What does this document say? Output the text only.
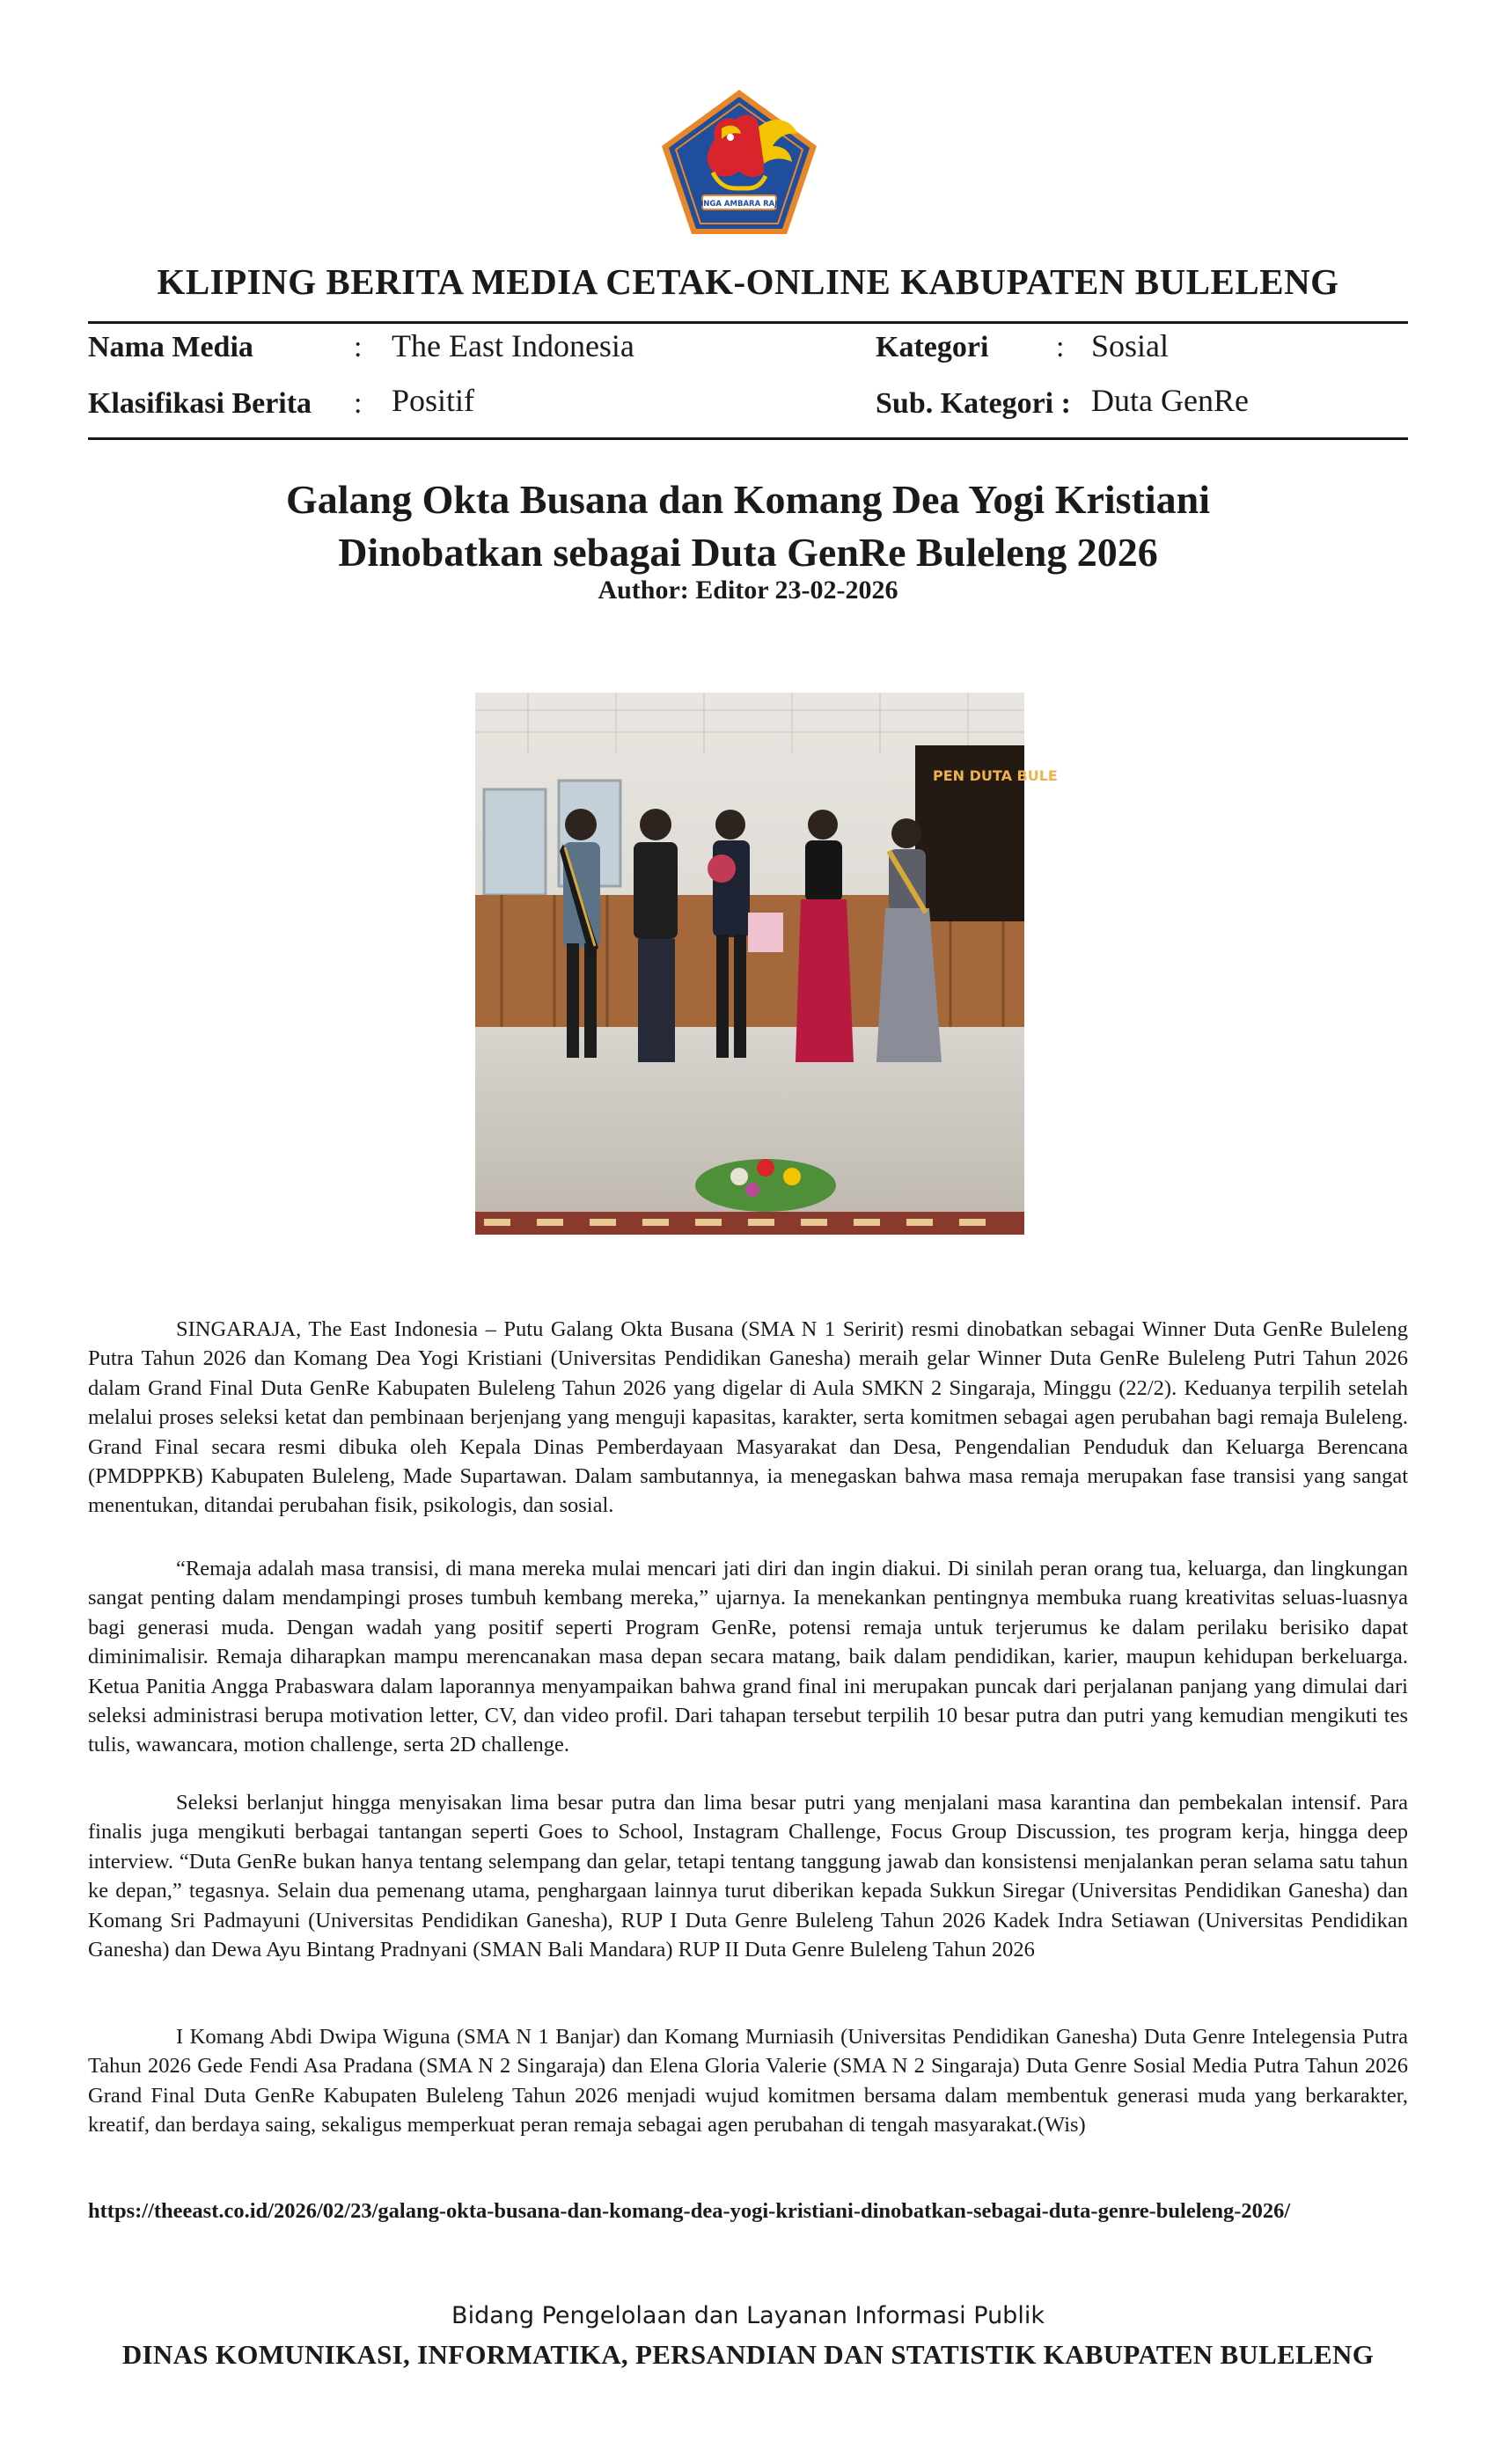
SINGA AMBARA RAJA
KLIPING BERITA MEDIA CETAK-ONLINE KABUPATEN BULELENG
Nama Media	: The East Indonesia	Kategori : Sosial
Klasifikasi Berita : Positif	Sub. Kategori : Duta GenRe
Galang Okta Busana dan Komang Dea Yogi Kristiani
Dinobatkan sebagai Duta GenRe Buleleng 2026
Author: Editor 23-02-2026
PEN DUTA BULE
SINGARAJA, The East Indonesia – Putu Galang Okta Busana (SMA N 1 Seririt) resmi dinobatkan sebagai Winner Duta GenRe Buleleng Putra Tahun 2026 dan Komang Dea Yogi Kristiani (Universitas Pendidikan Ganesha) meraih gelar Winner Duta GenRe Buleleng Putri Tahun 2026 dalam Grand Final Duta GenRe Kabupaten Buleleng Tahun 2026 yang digelar di Aula SMKN 2 Singaraja, Minggu (22/2). Keduanya terpilih setelah melalui proses seleksi ketat dan pembinaan berjenjang yang menguji kapasitas, karakter, serta komitmen sebagai agen perubahan bagi remaja Buleleng. Grand Final secara resmi dibuka oleh Kepala Dinas Pemberdayaan Masyarakat dan Desa, Pengendalian Penduduk dan Keluarga Berencana (PMDPPKB) Kabupaten Buleleng, Made Supartawan. Dalam sambutannya, ia menegaskan bahwa masa remaja merupakan fase transisi yang sangat menentukan, ditandai perubahan fisik, psikologis, dan sosial.
“Remaja adalah masa transisi, di mana mereka mulai mencari jati diri dan ingin diakui. Di sinilah peran orang tua, keluarga, dan lingkungan sangat penting dalam mendampingi proses tumbuh kembang mereka,” ujarnya. Ia menekankan pentingnya membuka ruang kreativitas seluas-luasnya bagi generasi muda. Dengan wadah yang positif seperti Program GenRe, potensi remaja untuk terjerumus ke dalam perilaku berisiko dapat diminimalisir. Remaja diharapkan mampu merencanakan masa depan secara matang, baik dalam pendidikan, karier, maupun kehidupan berkeluarga. Ketua Panitia Angga Prabaswara dalam laporannya menyampaikan bahwa grand final ini merupakan puncak dari perjalanan panjang yang dimulai dari seleksi administrasi berupa motivation letter, CV, dan video profil. Dari tahapan tersebut terpilih 10 besar putra dan putri yang kemudian mengikuti tes tulis, wawancara, motion challenge, serta 2D challenge.
Seleksi berlanjut hingga menyisakan lima besar putra dan lima besar putri yang menjalani masa karantina dan pembekalan intensif. Para finalis juga mengikuti berbagai tantangan seperti Goes to School, Instagram Challenge, Focus Group Discussion, tes program kerja, hingga deep interview. “Duta GenRe bukan hanya tentang selempang dan gelar, tetapi tentang tanggung jawab dan konsistensi menjalankan peran selama satu tahun ke depan,” tegasnya. Selain dua pemenang utama, penghargaan lainnya turut diberikan kepada Sukkun Siregar (Universitas Pendidikan Ganesha) dan Komang Sri Padmayuni (Universitas Pendidikan Ganesha), RUP I Duta Genre Buleleng Tahun 2026 Kadek Indra Setiawan (Universitas Pendidikan Ganesha) dan Dewa Ayu Bintang Pradnyani (SMAN Bali Mandara) RUP II Duta Genre Buleleng Tahun 2026
I Komang Abdi Dwipa Wiguna (SMA N 1 Banjar) dan Komang Murniasih (Universitas Pendidikan Ganesha) Duta Genre Intelegensia Putra Tahun 2026 Gede Fendi Asa Pradana (SMA N 2 Singaraja) dan Elena Gloria Valerie (SMA N 2 Singaraja) Duta Genre Sosial Media Putra Tahun 2026 Grand Final Duta GenRe Kabupaten Buleleng Tahun 2026 menjadi wujud komitmen bersama dalam membentuk generasi muda yang berkarakter, kreatif, dan berdaya saing, sekaligus memperkuat peran remaja sebagai agen perubahan di tengah masyarakat.(Wis)
https://theeast.co.id/2026/02/23/galang-okta-busana-dan-komang-dea-yogi-kristiani-dinobatkan-sebagai-duta-genre-buleleng-2026/
Bidang Pengelolaan dan Layanan Informasi Publik
DINAS KOMUNIKASI, INFORMATIKA, PERSANDIAN DAN STATISTIK KABUPATEN BULELENG
